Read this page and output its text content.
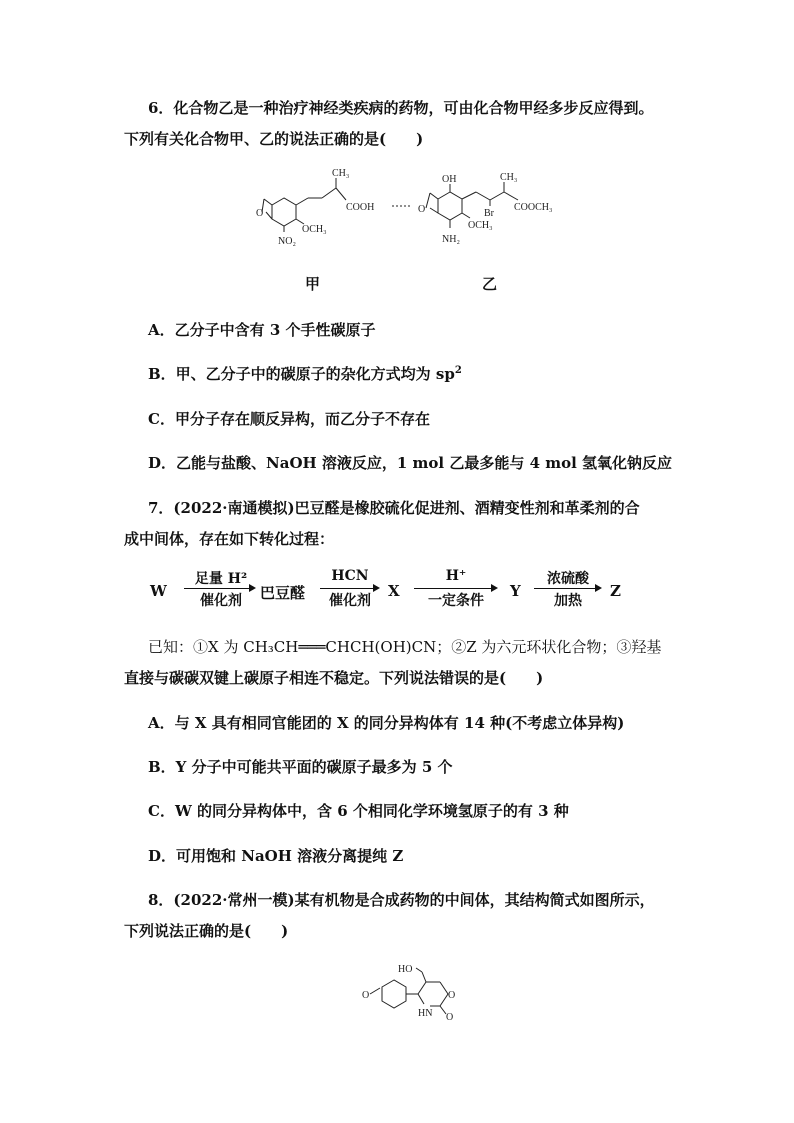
6．化合物乙是一种治疗神经类疾病的药物，可由化合物甲经多步反应得到。
下列有关化合物甲、乙的说法正确的是(　　)
O
CH₃
COOH
OCH₃
NO₂
O
OH	CH₃
Br
COOCH₃
OCH₃
NH₂
甲	乙
A．乙分子中含有 3 个手性碳原子
B．甲、乙分子中的碳原子的杂化方式均为 $sp^2$
C．甲分子存在顺反异构，而乙分子不存在
D．乙能与盐酸、NaOH 溶液反应，1 mol 乙最多能与 4 mol 氢氧化钠反应
7．(2022·南通模拟)巴豆醛是橡胶硫化促进剂、酒精变性剂和革柔剂的合
成中间体，存在如下转化过程：
W
足量 H²
催化剂	巴豆醛
HCN
催化剂
X
H⁺
一定条件
Y
浓硫酸
加热
Z
已知：①X 为 CH₃CH═══CHCH(OH)CN；②Z 为六元环状化合物；③羟基
直接与碳碳双键上碳原子相连不稳定。下列说法错误的是(　　)
A．与 X 具有相同官能团的 X 的同分异构体有 14 种(不考虑立体异构)
B．Y 分子中可能共平面的碳原子最多为 5 个
C．W 的同分异构体中，含 6 个相同化学环境氢原子的有 3 种
D．可用饱和 NaOH 溶液分离提纯 Z
8．(2022·常州一模)某有机物是合成药物的中间体，其结构简式如图所示，
下列说法正确的是(　　)
O
HO
O
HN O
